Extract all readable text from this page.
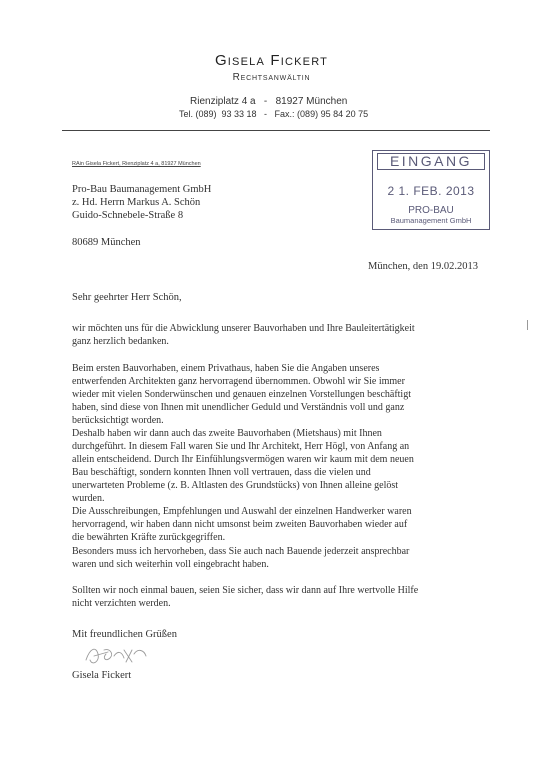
Gisela Fickert
Rechtsanwältin
Rienziplatz 4 a   -   81927 München
Tel. (089)  93 33 18   -   Fax.: (089) 95 84 20 75
RAin Gisela Fickert, Rienziplatz 4 a, 81927 München
Pro-Bau Baumanagement GmbH
z. Hd. Herrn Markus A. Schön
Guido-Schnebele-Straße 8
80689 München
EINGANG
2 1. FEB. 2013
PRO-BAU
Baumanagement GmbH
München, den 19.02.2013
Sehr geehrter Herr Schön,
wir möchten uns für die Abwicklung unserer Bauvorhaben und Ihre Bauleitertätigkeit
ganz herzlich bedanken.
Beim ersten Bauvorhaben, einem Privathaus, haben Sie die Angaben unseres
entwerfenden Architekten ganz hervorragend übernommen. Obwohl wir Sie immer
wieder mit vielen Sonderwünschen und genauen einzelnen Vorstellungen beschäftigt
haben, sind diese von Ihnen mit unendlicher Geduld und Verständnis voll und ganz
berücksichtigt worden.
Deshalb haben wir dann auch das zweite Bauvorhaben (Mietshaus) mit Ihnen
durchgeführt. In diesem Fall waren Sie und Ihr Architekt, Herr Högl, von Anfang an
allein entscheidend. Durch Ihr Einfühlungsvermögen waren wir kaum mit dem neuen
Bau beschäftigt, sondern konnten Ihnen voll vertrauen, dass die vielen und
unerwarteten Probleme (z. B. Altlasten des Grundstücks) von Ihnen alleine gelöst
wurden.
Die Ausschreibungen, Empfehlungen und Auswahl der einzelnen Handwerker waren
hervorragend, wir haben dann nicht umsonst beim zweiten Bauvorhaben wieder auf
die bewährten Kräfte zurückgegriffen.
Besonders muss ich hervorheben, dass Sie auch nach Bauende jederzeit ansprechbar
waren und sich weiterhin voll eingebracht haben.
Sollten wir noch einmal bauen, seien Sie sicher, dass wir dann auf Ihre wertvolle Hilfe
nicht verzichten werden.
Mit freundlichen Grüßen
Gisela Fickert
